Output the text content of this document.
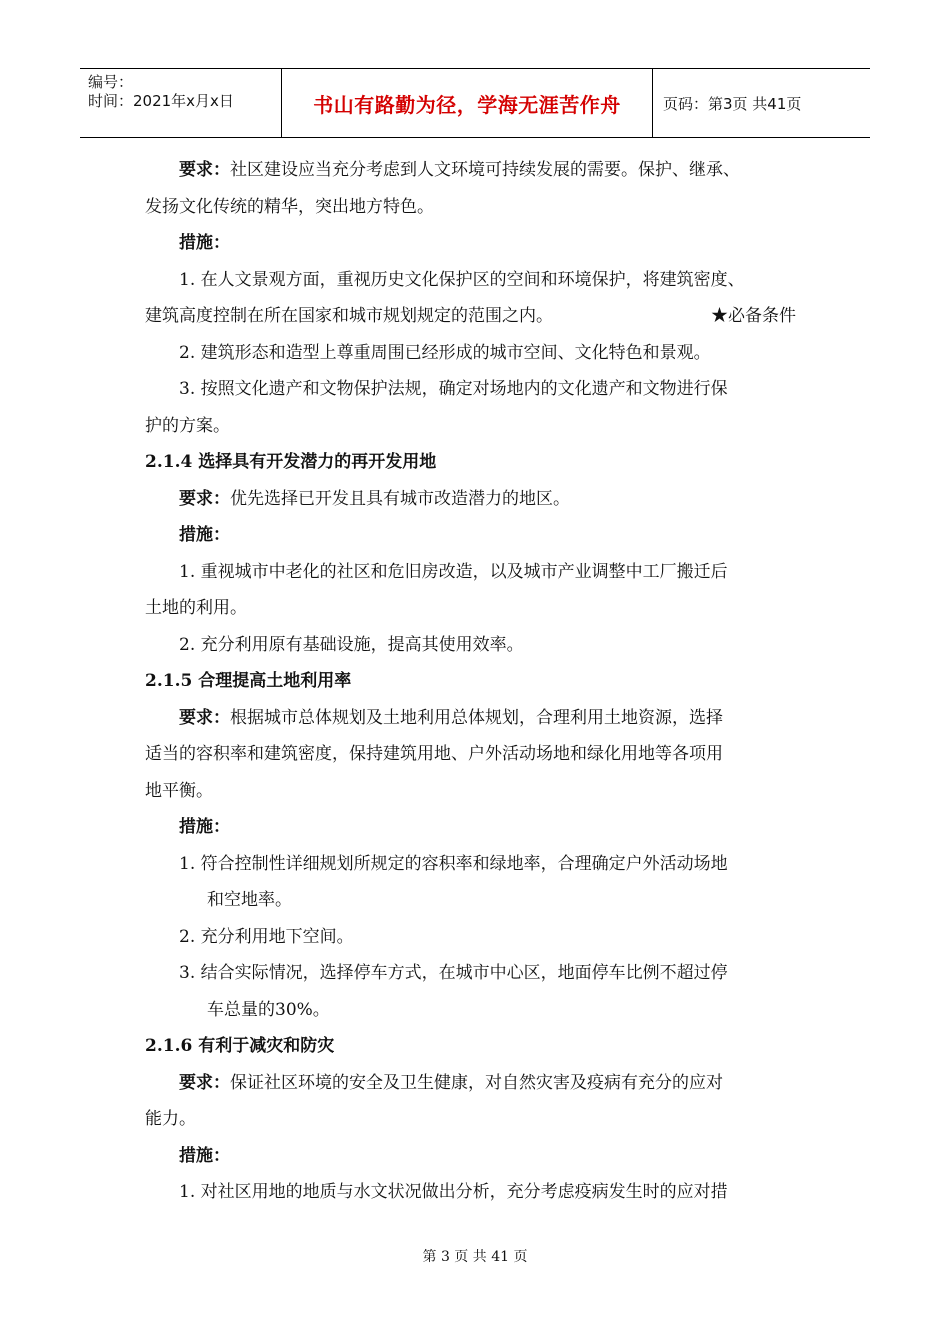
编号：
时间：2021年x月x日	书山有路勤为径，学海无涯苦作舟	页码：第3页 共41页
要求：社区建设应当充分考虑到人文环境可持续发展的需要。保护、继承、
发扬文化传统的精华，突出地方特色。
措施：
1. 在人文景观方面，重视历史文化保护区的空间和环境保护，将建筑密度、
建筑高度控制在所在国家和城市规划规定的范围之内。	★必备条件
2. 建筑形态和造型上尊重周围已经形成的城市空间、文化特色和景观。
3. 按照文化遗产和文物保护法规，确定对场地内的文化遗产和文物进行保
护的方案。
2.1.4 选择具有开发潜力的再开发用地
要求：优先选择已开发且具有城市改造潜力的地区。
措施：
1. 重视城市中老化的社区和危旧房改造，以及城市产业调整中工厂搬迁后
土地的利用。
2. 充分利用原有基础设施，提高其使用效率。
2.1.5 合理提高土地利用率
要求：根据城市总体规划及土地利用总体规划，合理利用土地资源，选择
适当的容积率和建筑密度，保持建筑用地、户外活动场地和绿化用地等各项用
地平衡。
措施：
1. 符合控制性详细规划所规定的容积率和绿地率，合理确定户外活动场地
和空地率。
2. 充分利用地下空间。
3. 结合实际情况，选择停车方式，在城市中心区，地面停车比例不超过停
车总量的30%。
2.1.6 有利于减灾和防灾
要求：保证社区环境的安全及卫生健康，对自然灾害及疫病有充分的应对
能力。
措施：
1. 对社区用地的地质与水文状况做出分析，充分考虑疫病发生时的应对措
第 3 页 共 41 页
